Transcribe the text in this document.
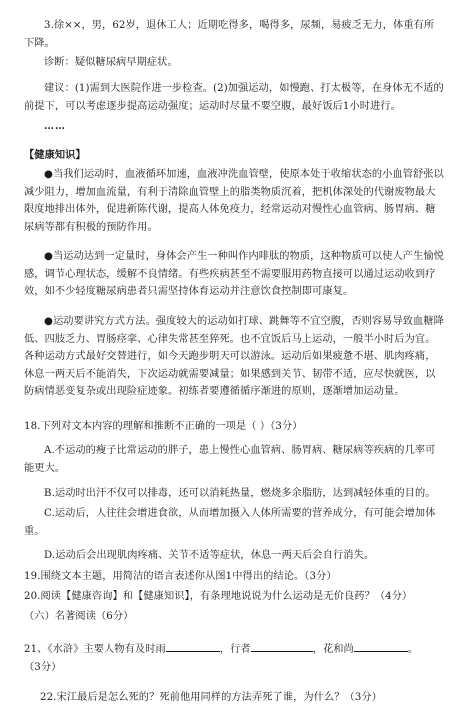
3.徐××，男，62岁，退休工人；近期吃得多，喝得多，尿频，易疲乏无力，体重有所下降。

诊断：疑似糖尿病早期症状。

建议：(1)需到大医院作进一步检查。(2)加强运动，如慢跑、打太极等，在身体无不适的前提下，可以考虑逐步提高运动强度；运动时尽量不要空腹，最好饭后1小时进行。

……

【健康知识】

●当我们运动时，血液循环加速，血液冲洗血管壁，使原本处于收缩状态的小血管舒张以减少阻力，增加血流量，有利于清除血管壁上的脂类物质沉着，把机体深处的代谢废物最大限度地排出体外，促进新陈代谢，提高人体免疫力，经常运动对慢性心血管病、肠胃病、糖尿病等都有积极的预防作用。

●当运动达到一定量时，身体会产生一种叫作内啡肽的物质，这种物质可以使人产生愉悦感，调节心理状态，缓解不良情绪。有些疾病甚至不需要服用药物直接可以通过运动收到疗效，如不少轻度糖尿病患者只需坚持体育运动并注意饮食控制即可康复。

●运动要讲究方式方法。强度较大的运动如打球、跳舞等不宜空腹，否则容易导致血糖降低、四肢乏力、胃肠痉挛、心律失常甚至猝死。也不宜饭后马上运动，一般半小时后为宜。各种运动方式最好交替进行，如今天跑步明天可以游泳。运动后如果疲惫不堪、肌肉疼痛，休息一两天后不能消失，下次运动就需要减量；如果感到关节、韧带不适，应尽快就医，以防病情恶变复杂或出现险症迹象。初练者要遵循循序渐进的原则，逐渐增加运动量。

18.下列对文本内容的理解和推断不正确的一项是（ ）（3分）

A.不运动的瘦子比常运动的胖子，患上慢性心血管病、肠胃病、糖尿病等疾病的几率可能更大。

B.运动时出汗不仅可以排毒，还可以消耗热量，燃烧多余脂肪，达到减轻体重的目的。

C.运动后，人往往会增进食欲，从而增加摄入人体所需要的营养成分，有可能会增加体重。

D.运动后会出现肌肉疼痛、关节不适等症状，休息一两天后会自行消失。

19.围绕文本主题，用简洁的语言表述你从图1中得出的结论。（3分）

20.阅读【健康咨询】和【健康知识】，有条理地说说为什么运动是无价良药？（4分）

（六）名著阅读（6分）

21、《水浒》主要人物有及时雨	，行者	，花和尚	。
（3分）

22.宋江最后是怎么死的？死前他用同样的方法弄死了谁，为什么？（3分）
